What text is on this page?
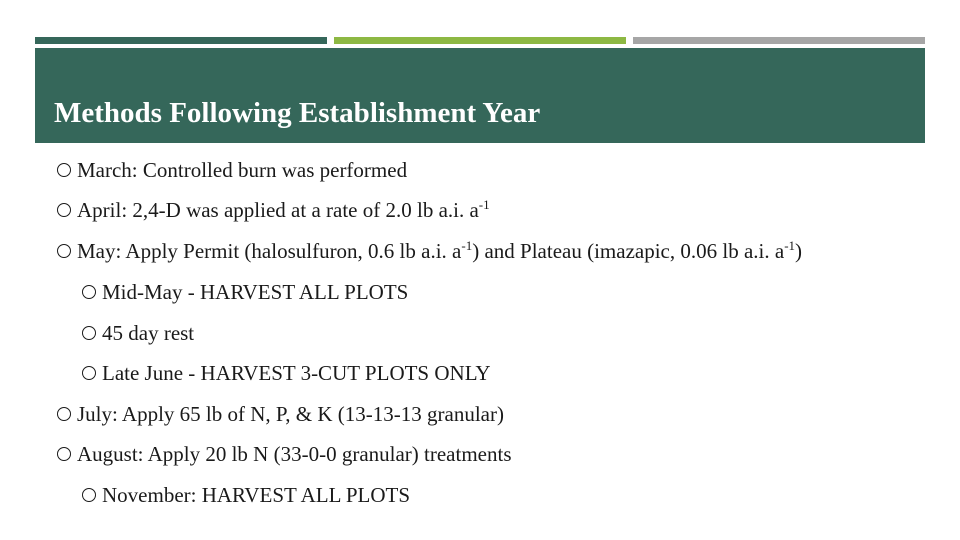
Methods Following Establishment Year
March: Controlled burn was performed
April: 2,4-D was applied at a rate of 2.0 lb a.i. $a^{-1}$
May: Apply Permit (halosulfuron, 0.6 lb a.i. $a^{-1}$) and Plateau (imazapic, 0.06 lb a.i. $a^{-1}$)
Mid-May - HARVEST ALL PLOTS
45 day rest
Late June - HARVEST 3-CUT PLOTS ONLY
July: Apply 65 lb of N, P, & K (13-13-13 granular)
August: Apply 20 lb N (33-0-0 granular) treatments
November: HARVEST ALL PLOTS
